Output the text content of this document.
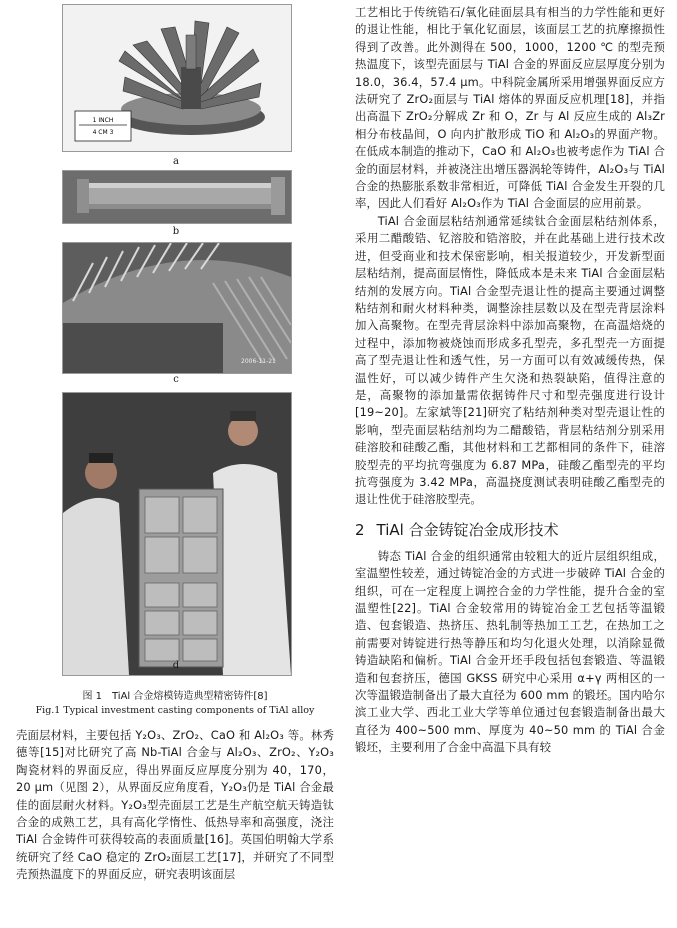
1 INCH
4 CM 3
a
b
2006-11-21
c
d
图 1　TiAl 合金熔模铸造典型精密铸件[8]
Fig.1 Typical investment casting components of TiAl alloy

壳面层材料，主要包括 Y₂O₃、ZrO₂、CaO 和 Al₂O₃ 等。林秀德等[15]对比研究了高 Nb-TiAl 合金与 Al₂O₃、ZrO₂、Y₂O₃ 陶瓷材料的界面反应，得出界面反应厚度分别为 40，170，20 μm（见图 2），从界面反应角度看，Y₂O₃仍是 TiAl 合金最佳的面层耐火材料。Y₂O₃型壳面层工艺是生产航空航天铸造钛合金的成熟工艺，具有高化学惰性、低热导率和高强度，浇注 TiAl 合金铸件可获得较高的表面质量[16]。英国伯明翰大学系统研究了经 CaO 稳定的 ZrO₂面层工艺[17]，并研究了不同型壳预热温度下的界面反应，研究表明该面层

工艺相比于传统锆石/氧化硅面层具有相当的力学性能和更好的退让性能，相比于氧化钇面层，该面层工艺的抗摩擦损性得到了改善。此外测得在 500，1000，1200 ℃ 的型壳预热温度下，该型壳面层与 TiAl 合金的界面反应层厚度分别为 18.0，36.4，57.4 μm。中科院金属所采用增强界面反应方法研究了 ZrO₂面层与 TiAl 熔体的界面反应机理[18]，并指出高温下 ZrO₂分解成 Zr 和 O，Zr 与 Al 反应生成的 Al₃Zr 相分布枝晶间，O 向内扩散形成 TiO 和 Al₂O₃的界面产物。在低成本制造的推动下，CaO 和 Al₂O₃也被考虑作为 TiAl 合金的面层材料，并被浇注出增压器涡轮等铸件，Al₂O₃与 TiAl 合金的热膨胀系数非常相近，可降低 TiAl 合金发生开裂的几率，因此人们看好 Al₂O₃作为 TiAl 合金面层的应用前景。

TiAl 合金面层粘结剂通常延续钛合金面层粘结剂体系，采用二醋酸锆、钇溶胶和锆溶胶，并在此基础上进行技术改进，但受商业和技术保密影响，相关报道较少，开发新型面层粘结剂，提高面层惰性，降低成本是未来 TiAl 合金面层粘结剂的发展方向。TiAl 合金型壳退让性的提高主要通过调整粘结剂和耐火材料种类，调整涂挂层数以及在型壳背层涂料加入高聚物。在型壳背层涂料中添加高聚物，在高温焙烧的过程中，添加物被烧蚀而形成多孔型壳，多孔型壳一方面提高了型壳退让性和透气性，另一方面可以有效减缓传热，保温性好，可以减少铸件产生欠浇和热裂缺陷，值得注意的是，高聚物的添加量需依据铸件尺寸和型壳强度进行设计[19~20]。左家斌等[21]研究了粘结剂种类对型壳退让性的影响，型壳面层粘结剂均为二醋酸锆，背层粘结剂分别采用硅溶胶和硅酸乙酯，其他材料和工艺都相同的条件下，硅溶胶型壳的平均抗弯强度为 6.87 MPa，硅酸乙酯型壳的平均抗弯强度为 3.42 MPa，高温挠度测试表明硅酸乙酯型壳的退让性优于硅溶胶型壳。

2 TiAl 合金铸锭冶金成形技术

铸态 TiAl 合金的组织通常由较粗大的近片层组织组成，室温塑性较差，通过铸锭冶金的方式进一步破碎 TiAl 合金的组织，可在一定程度上调控合金的力学性能，提升合金的室温塑性[22]。TiAl 合金较常用的铸锭冶金工艺包括等温锻造、包套锻造、热挤压、热轧制等热加工工艺，在热加工之前需要对铸锭进行热等静压和均匀化退火处理，以消除显微铸造缺陷和偏析。TiAl 合金开坯手段包括包套锻造、等温锻造和包套挤压，德国 GKSS 研究中心采用 α+γ 两相区的一次等温锻造制备出了最大直径为 600 mm 的锻坯。国内哈尔滨工业大学、西北工业大学等单位通过包套锻造制备出最大直径为 400~500 mm、厚度为 40~50 mm 的 TiAl 合金锻坯，主要利用了合金中高温下具有较
